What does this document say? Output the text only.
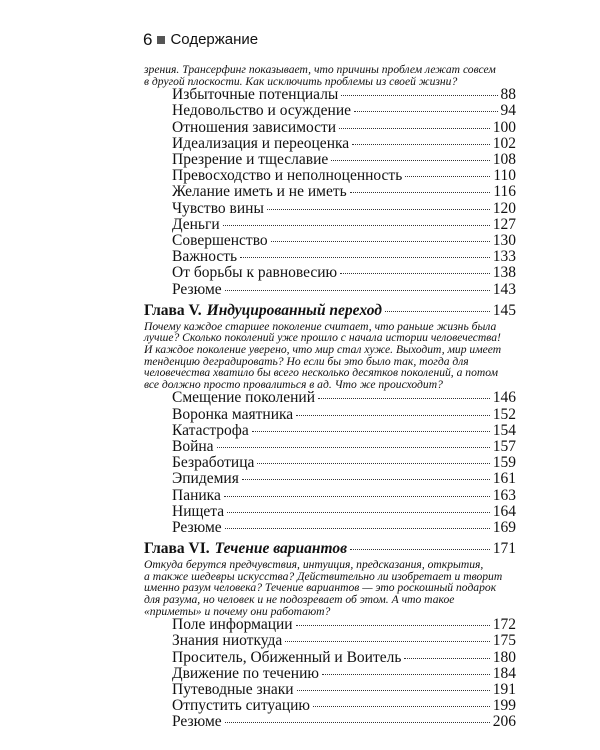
6 Содержание
зрения. Трансерфинг показывает, что причины проблем лежат совсем
в другой плоскости. Как исключить проблемы из своей жизни?
Избыточные потенциалы	88
Недовольство и осуждение	94
Отношения зависимости	100
Идеализация и переоценка	102
Презрение и тщеславие	108
Превосходство и неполноценность	110
Желание иметь и не иметь	116
Чувство вины	120
Деньги	127
Совершенство	130
Важность	133
От борьбы к равновесию	138
Резюме	143
Глава V. Индуцированный переход	145
Почему каждое старшее поколение считает, что раньше жизнь была
лучше? Сколько поколений уже прошло с начала истории человечества!
И каждое поколение уверено, что мир стал хуже. Выходит, мир имеет
тенденцию деградировать? Но если бы это было так, тогда для
человечества хватило бы всего несколько десятков поколений, а потом
все должно просто провалиться в ад. Что же происходит?
Смещение поколений	146
Воронка маятника	152
Катастрофа	154
Война	157
Безработица	159
Эпидемия	161
Паника	163
Нищета	164
Резюме	169
Глава VI. Течение вариантов	171
Откуда берутся предчувствия, интуиция, предсказания, открытия,
а также шедевры искусства? Действительно ли изобретает и творит
именно разум человека? Течение вариантов — это роскошный подарок
для разума, но человек и не подозревает об этом. А что такое
«приметы» и почему они работают?
Поле информации	172
Знания ниоткуда	175
Проситель, Обиженный и Воитель	180
Движение по течению	184
Путеводные знаки	191
Отпустить ситуацию	199
Резюме	206
